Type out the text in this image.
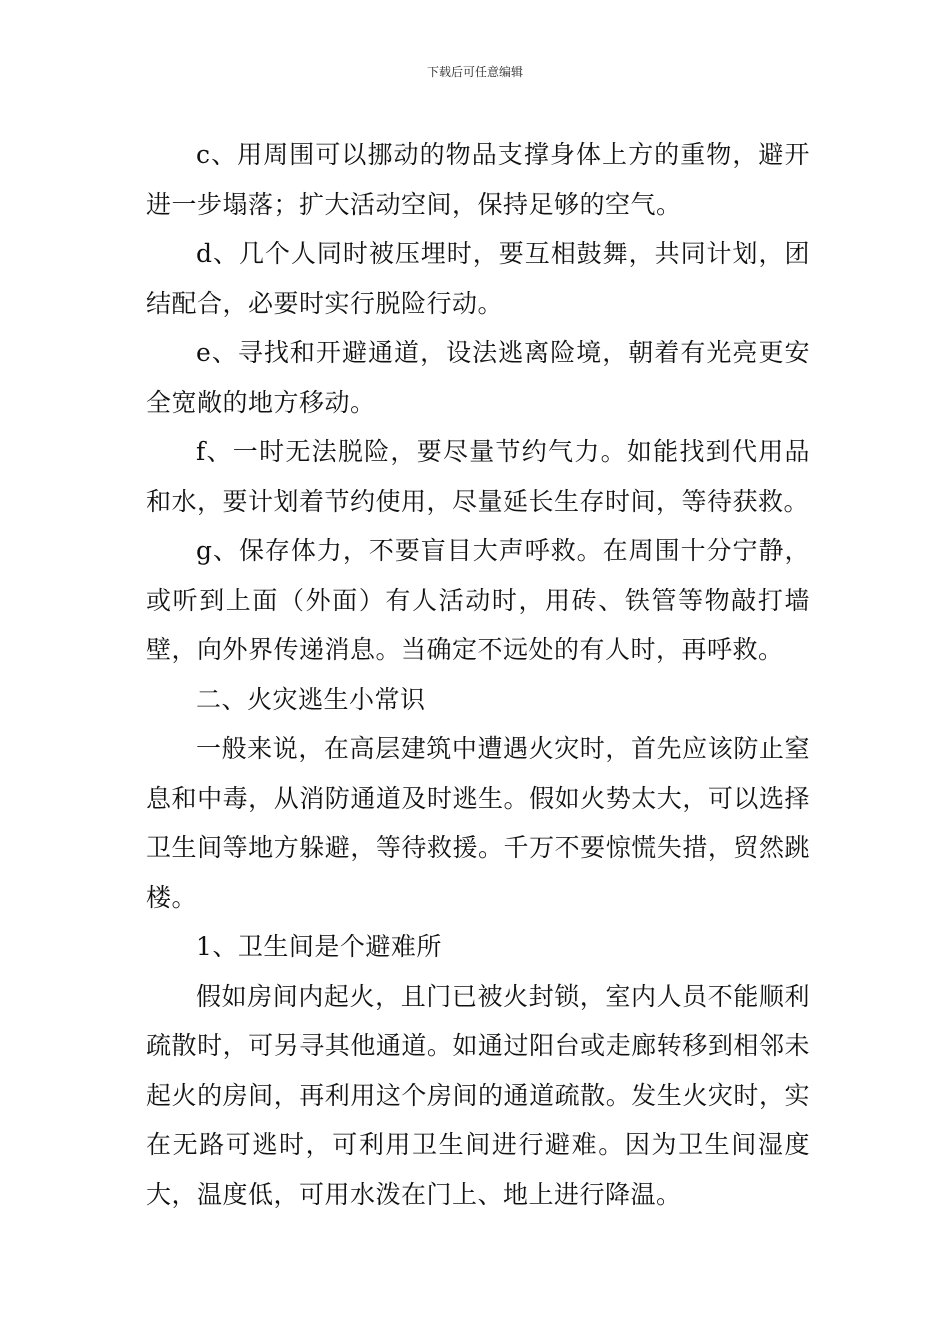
下载后可任意编辑

c、用周围可以挪动的物品支撑身体上方的重物，避开进一步塌落；扩大活动空间，保持足够的空气。

d、几个人同时被压埋时，要互相鼓舞，共同计划，团结配合，必要时实行脱险行动。

e、寻找和开避通道，设法逃离险境，朝着有光亮更安全宽敞的地方移动。

f、一时无法脱险，要尽量节约气力。如能找到代用品和水，要计划着节约使用，尽量延长生存时间，等待获救。

g、保存体力，不要盲目大声呼救。在周围十分宁静，或听到上面（外面）有人活动时，用砖、铁管等物敲打墙壁，向外界传递消息。当确定不远处的有人时，再呼救。

二、火灾逃生小常识

一般来说，在高层建筑中遭遇火灾时，首先应该防止窒息和中毒，从消防通道及时逃生。假如火势太大，可以选择卫生间等地方躲避，等待救援。千万不要惊慌失措，贸然跳楼。

1、卫生间是个避难所

假如房间内起火，且门已被火封锁，室内人员不能顺利疏散时，可另寻其他通道。如通过阳台或走廊转移到相邻未起火的房间，再利用这个房间的通道疏散。发生火灾时，实在无路可逃时，可利用卫生间进行避难。因为卫生间湿度大，温度低，可用水泼在门上、地上进行降温。
